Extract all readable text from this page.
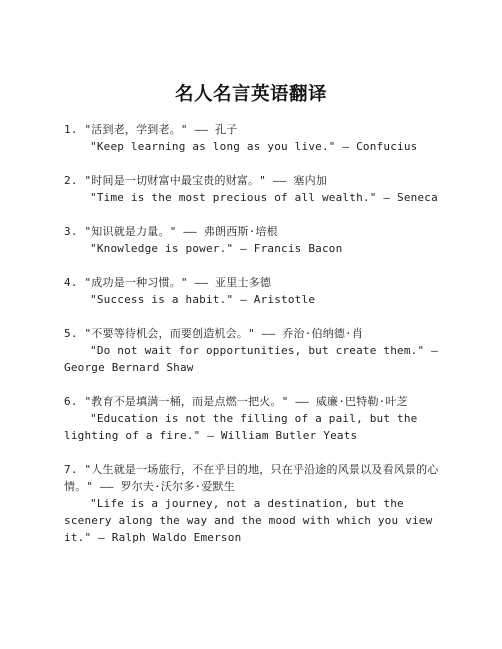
名人名言英语翻译
1. "活到老，学到老。" —— 孔子
"Keep learning as long as you live." — Confucius
2. "时间是一切财富中最宝贵的财富。" —— 塞内加
"Time is the most precious of all wealth." — Seneca
3. "知识就是力量。" —— 弗朗西斯·培根
"Knowledge is power." — Francis Bacon
4. "成功是一种习惯。" —— 亚里士多德
"Success is a habit." — Aristotle
5. "不要等待机会，而要创造机会。" —— 乔治·伯纳德·肖
"Do not wait for opportunities, but create them." — George Bernard Shaw
6. "教育不是填满一桶，而是点燃一把火。" —— 威廉·巴特勒·叶芝
"Education is not the filling of a pail, but the lighting of a fire." — William Butler Yeats
7. "人生就是一场旅行，不在乎目的地，只在乎沿途的风景以及看风景的心情。" —— 罗尔夫·沃尔多·爱默生
"Life is a journey, not a destination, but the scenery along the way and the mood with which you view it." — Ralph Waldo Emerson
